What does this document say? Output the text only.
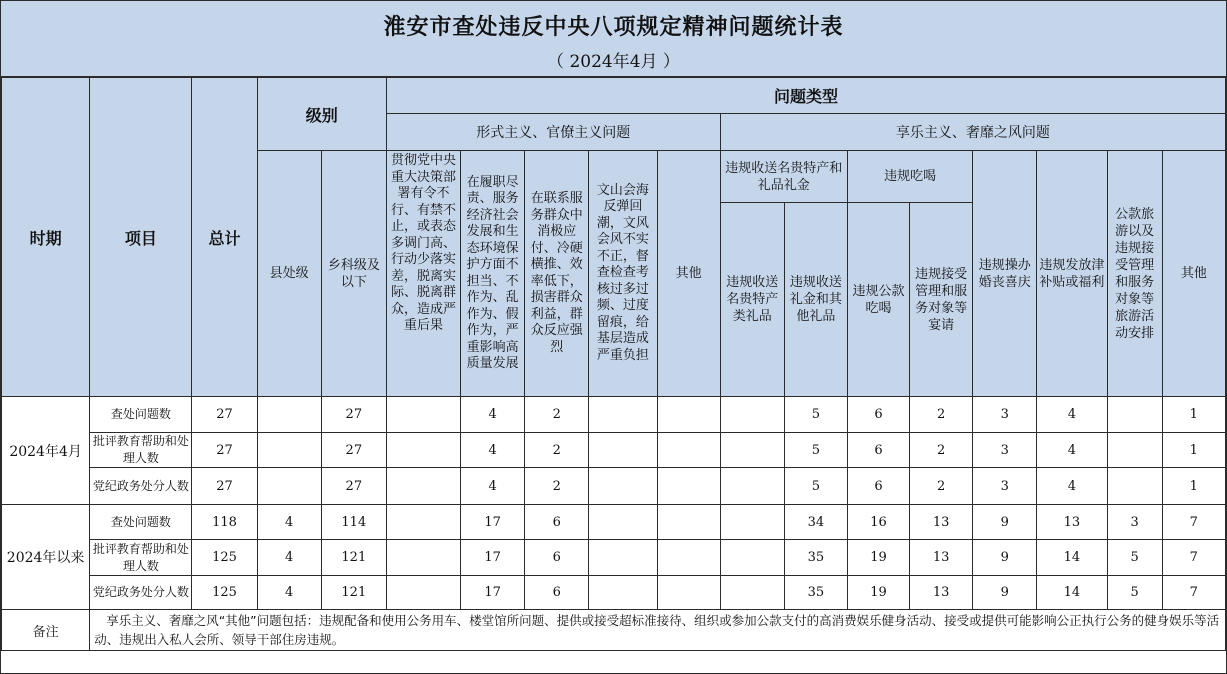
淮安市查处违反中央八项规定精神问题统计表
（ 2024年4月 ）
时期	项目	总计	级别		问题类型												
					形式主义、官僚主义问题					享乐主义、奢靡之风问题							
			县处级	乡科级及以下	贯彻党中央重大决策部署有令不行、有禁不止，或表态多调门高、行动少落实差，脱离实际、脱离群众，造成严重后果	在履职尽责、服务经济社会发展和生态环境保护方面不担当、不作为、乱作为、假作为，严重影响高质量发展	在联系服务群众中消极应付、冷硬横推、效率低下，损害群众利益，群众反应强烈	文山会海反弹回潮，文风会风不实不正，督查检查考核过多过频、过度留痕，给基层造成严重负担	其他	违规收送名贵特产和礼品礼金		违规吃喝		违规操办婚丧喜庆	违规发放津补贴或福利	公款旅游以及违规接受管理和服务对象等旅游活动安排	其他
										违规收送名贵特产类礼品	违规收送礼金和其他礼品	违规公款吃喝	违规接受管理和服务对象等宴请				
2024年4月	查处问题数	27		27		4	2				5	6	2	3	4		1
	批评教育帮助和处理人数	27		27		4	2				5	6	2	3	4		1
	党纪政务处分人数	27		27		4	2				5	6	2	3	4		1
2024年以来	查处问题数	118	4	114		17	6				34	16	13	9	13	3	7
	批评教育帮助和处理人数	125	4	121		17	6				35	19	13	9	14	5	7
	党纪政务处分人数	125	4	121		17	6				35	19	13	9	14	5	7
备注	享乐主义、奢靡之风“其他”问题包括：违规配备和使用公务用车、楼堂馆所问题、提供或接受超标准接待、组织或参加公款支付的高消费娱乐健身活动、接受或提供可能影响公正执行公务的健身娱乐等活动、违规出入私人会所、领导干部住房违规。																
